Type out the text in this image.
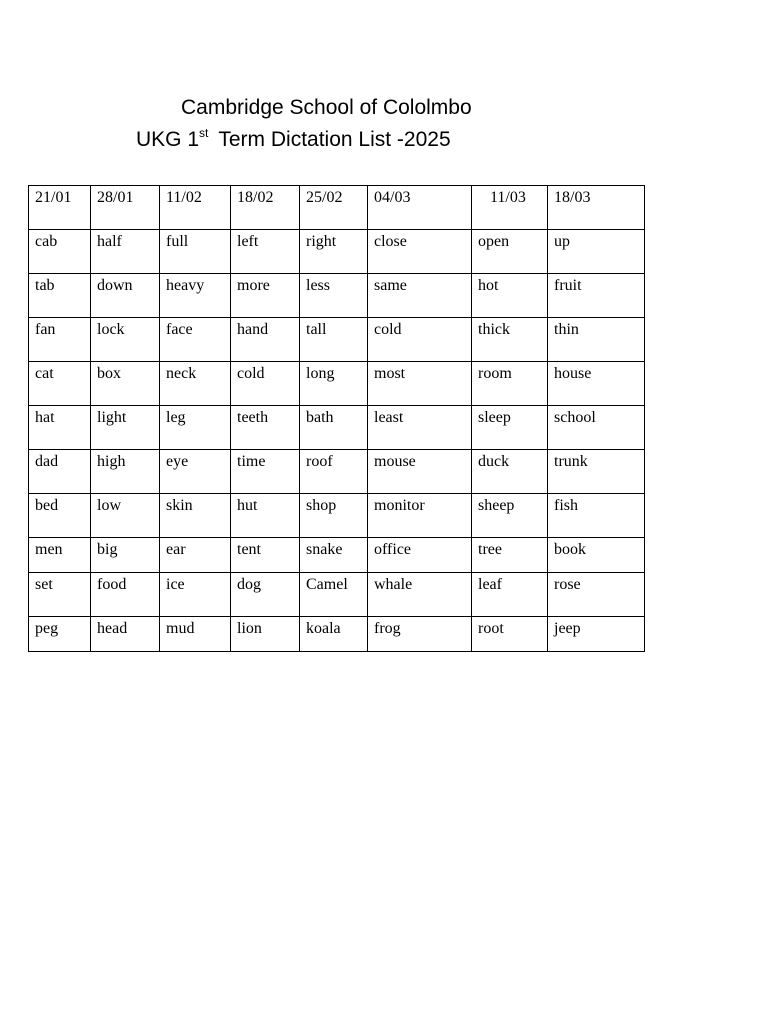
Cambridge School of Cololmbo
UKG 1st Term Dictation List -2025
21/01	28/01	11/02	18/02	25/02	04/03	11/03	18/03
cab	half	full	left	right	close	open	up
tab	down	heavy	more	less	same	hot	fruit
fan	lock	face	hand	tall	cold	thick	thin
cat	box	neck	cold	long	most	room	house
hat	light	leg	teeth	bath	least	sleep	school
dad	high	eye	time	roof	mouse	duck	trunk
bed	low	skin	hut	shop	monitor	sheep	fish
men	big	ear	tent	snake	office	tree	book
set	food	ice	dog	Camel	whale	leaf	rose
peg	head	mud	lion	koala	frog	root	jeep
